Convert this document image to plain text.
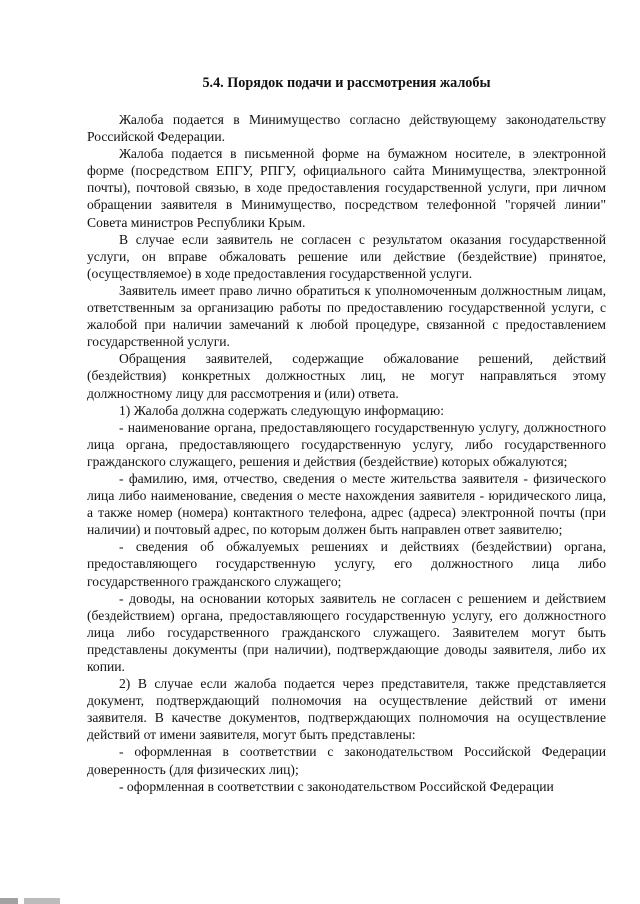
5.4. Порядок подачи и рассмотрения жалобы

Жалоба подается в Минимущество согласно действующему законодательству Российской Федерации.

Жалоба подается в письменной форме на бумажном носителе, в электронной форме (посредством ЕПГУ, РПГУ, официального сайта Минимущества, электронной почты), почтовой связью, в ходе предоставления государственной услуги, при личном обращении заявителя в Минимущество, посредством телефонной "горячей линии" Совета министров Республики Крым.

В случае если заявитель не согласен с результатом оказания государственной услуги, он вправе обжаловать решение или действие (бездействие) принятое, (осуществляемое) в ходе предоставления государственной услуги.

Заявитель имеет право лично обратиться к уполномоченным должностным лицам, ответственным за организацию работы по предоставлению государственной услуги, с жалобой при наличии замечаний к любой процедуре, связанной с предоставлением государственной услуги.

Обращения заявителей, содержащие обжалование решений, действий (бездействия) конкретных должностных лиц, не могут направляться этому должностному лицу для рассмотрения и (или) ответа.

1) Жалоба должна содержать следующую информацию:

- наименование органа, предоставляющего государственную услугу, должностного лица органа, предоставляющего государственную услугу, либо государственного гражданского служащего, решения и действия (бездействие) которых обжалуются;

- фамилию, имя, отчество, сведения о месте жительства заявителя - физического лица либо наименование, сведения о месте нахождения заявителя - юридического лица, а также номер (номера) контактного телефона, адрес (адреса) электронной почты (при наличии) и почтовый адрес, по которым должен быть направлен ответ заявителю;

- сведения об обжалуемых решениях и действиях (бездействии) органа, предоставляющего государственную услугу, его должностного лица либо государственного гражданского служащего;

- доводы, на основании которых заявитель не согласен с решением и действием (бездействием) органа, предоставляющего государственную услугу, его должностного лица либо государственного гражданского служащего. Заявителем могут быть представлены документы (при наличии), подтверждающие доводы заявителя, либо их копии.

2) В случае если жалоба подается через представителя, также представляется документ, подтверждающий полномочия на осуществление действий от имени заявителя. В качестве документов, подтверждающих полномочия на осуществление действий от имени заявителя, могут быть представлены:

- оформленная в соответствии с законодательством Российской Федерации доверенность (для физических лиц);

- оформленная в соответствии с законодательством Российской Федерации
